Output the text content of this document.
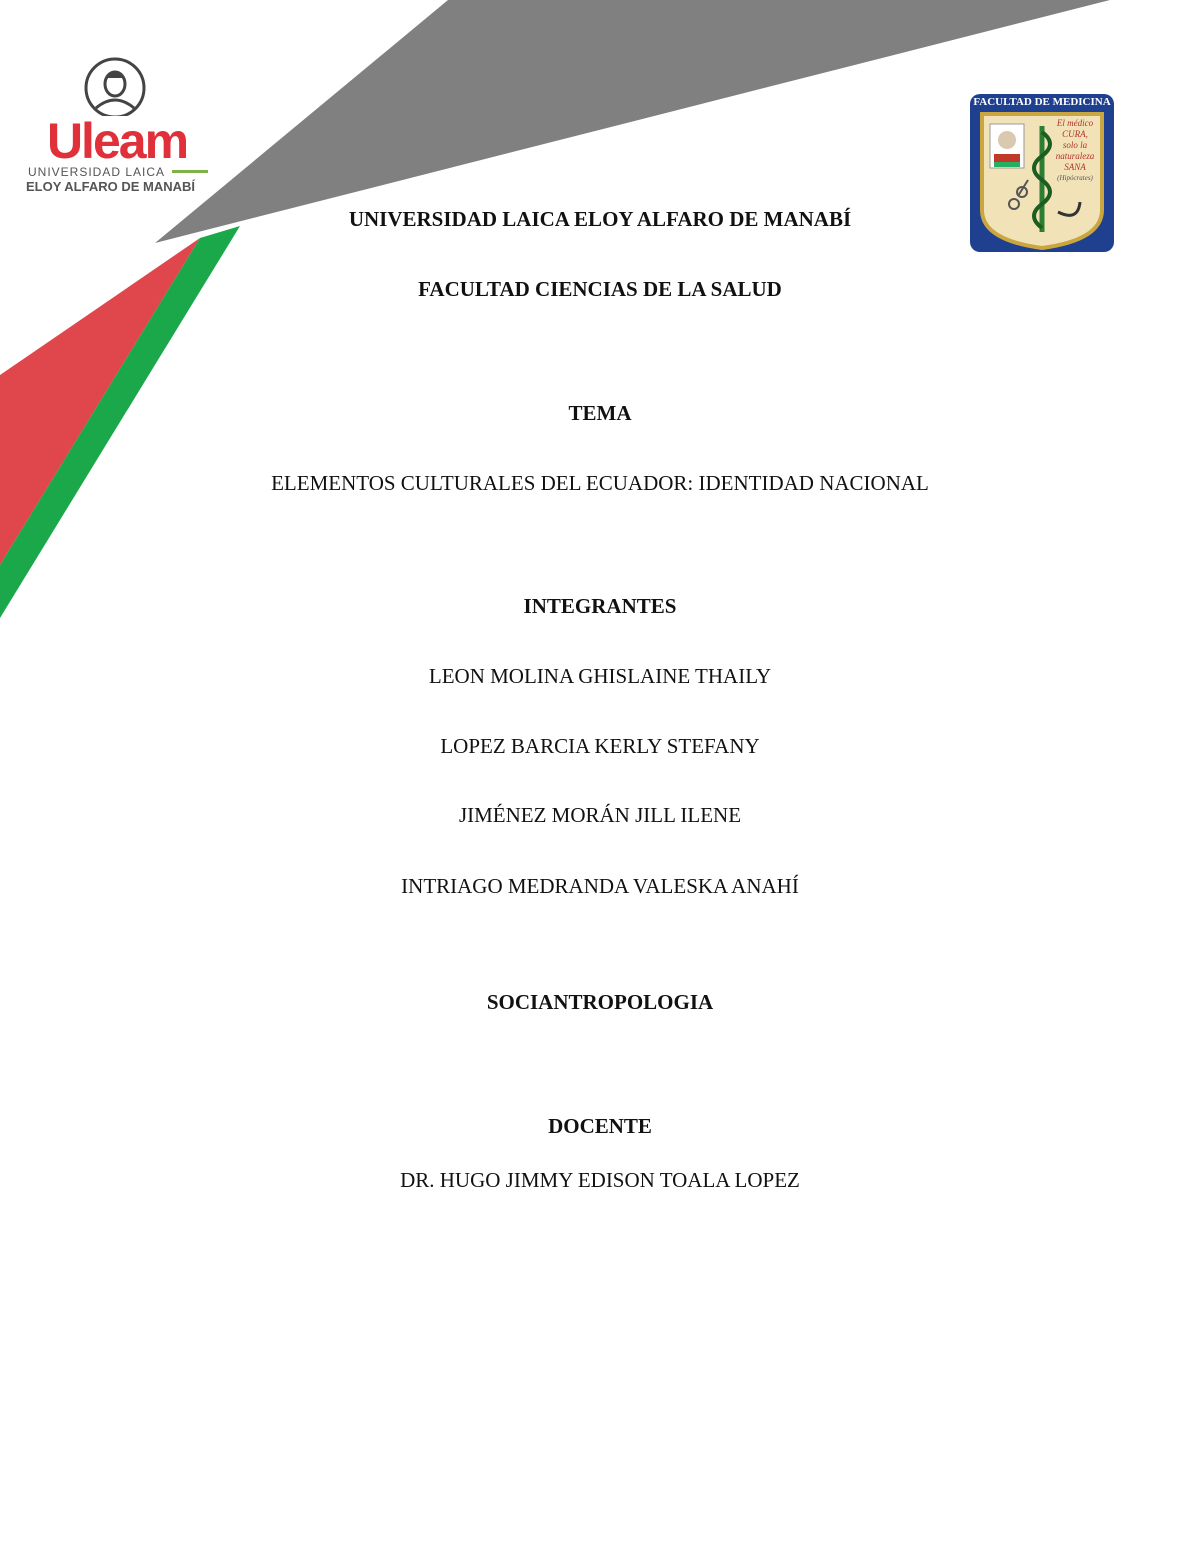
Uleam
UNIVERSIDAD LAICA
ELOY ALFARO DE MANABÍ
FACULTAD DE MEDICINA
El médico
CURA,
solo la
naturaleza
SANA
(Hipócrates)
UNIVERSIDAD LAICA ELOY ALFARO DE MANABÍ
FACULTAD CIENCIAS DE LA SALUD
TEMA
ELEMENTOS CULTURALES DEL ECUADOR: IDENTIDAD NACIONAL
INTEGRANTES
LEON MOLINA GHISLAINE THAILY
LOPEZ BARCIA KERLY STEFANY
JIMÉNEZ MORÁN JILL ILENE
INTRIAGO MEDRANDA VALESKA ANAHÍ
SOCIANTROPOLOGIA
DOCENTE
DR. HUGO JIMMY EDISON TOALA LOPEZ
